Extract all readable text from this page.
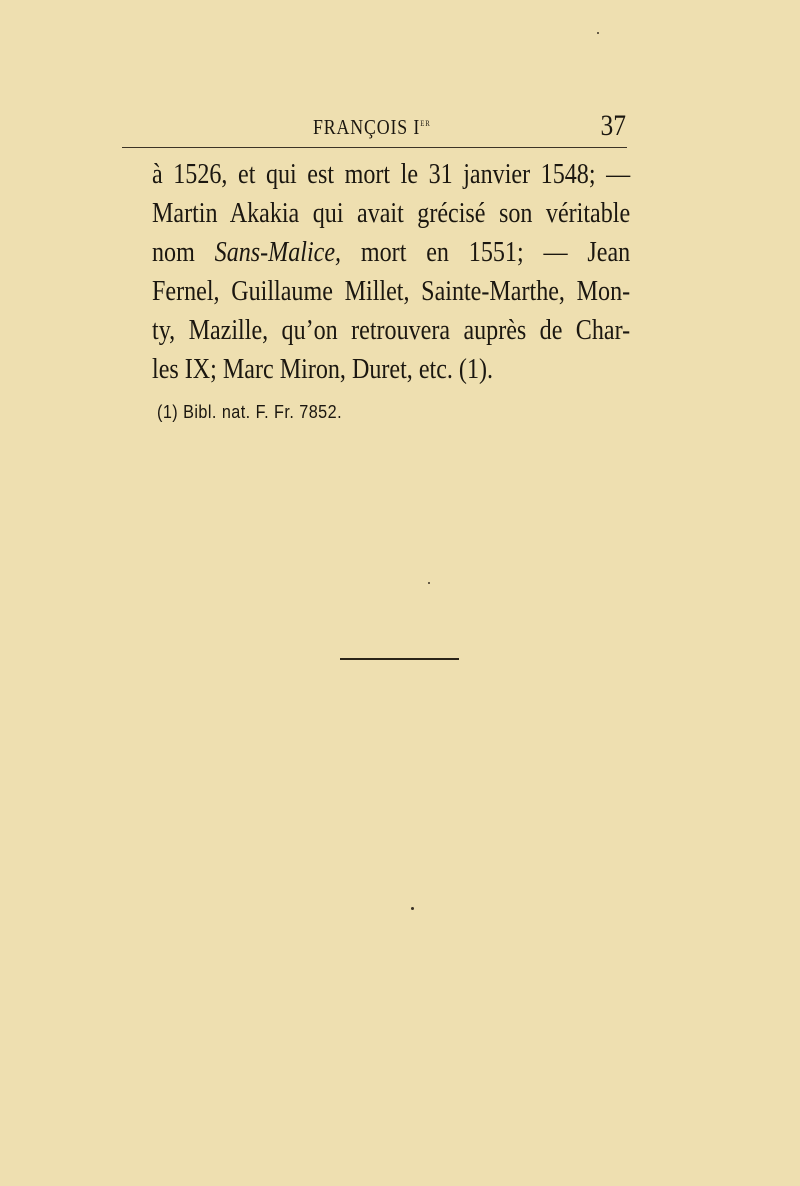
FRANÇOIS Ier	37
à 1526, et qui est mort le 31 janvier 1548; —
Martin Akakia qui avait grécisé son véritable
nom Sans-Malice, mort en 1551; — Jean
Fernel, Guillaume Millet, Sainte-Marthe, Mon-
ty, Mazille, qu’on retrouvera auprès de Char-
les IX; Marc Miron, Duret, etc. (1).
(1) Bibl. nat. F. Fr. 7852.
